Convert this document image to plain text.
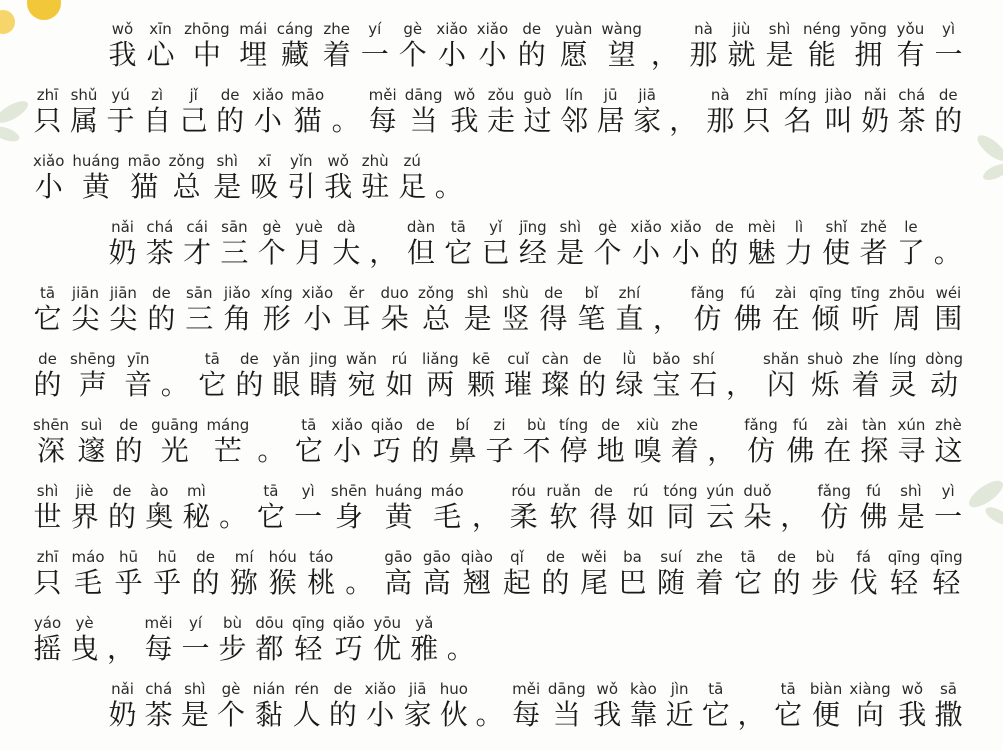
wǒ
我
xīn
心
zhōng
中
mái
埋
cáng
藏
zhe
着
yí
一
gè
个
xiǎo
小
xiǎo
小
de
的
yuàn
愿
wàng
望 ，
nà
那
jiù
就
shì
是
néng
能
yōng
拥
yǒu
有
yì
一
zhī
只
shǔ
属
yú
于
zì
自
jǐ
己
de
的
xiǎo
小
māo
猫 。
měi
每
dāng
当
wǒ
我
zǒu
走
guò
过
lín
邻
jū
居
jiā
家 ，
nà
那
zhī
只
míng
名
jiào
叫
nǎi
奶
chá
茶
de
的
xiǎo
小
huáng
黄
māo
猫
zǒng
总
shì
是
xī
吸
yǐn
引
wǒ
我
zhù
驻
zú
足 。
nǎi
奶
chá
茶
cái
才
sān
三
gè
个
yuè
月
dà
大 ，
dàn
但
tā
它
yǐ
已
jīng
经
shì
是
gè
个
xiǎo
小
xiǎo
小
de
的
mèi
魅
lì
力
shǐ
使
zhě
者
le
了 。
tā
它
jiān
尖
jiān
尖
de
的
sān
三
jiǎo
角
xíng
形
xiǎo
小
ěr
耳
duo
朵
zǒng
总
shì
是
shù
竖
de
得
bǐ
笔
zhí
直 ，
fǎng
仿
fú
佛
zài
在
qīng
倾
tīng
听
zhōu
周
wéi
围
de
的
shēng
声
yīn
音 。
tā
它
de
的
yǎn
眼
jing
睛
wǎn
宛
rú
如
liǎng
两
kē
颗
cuǐ
璀
càn
璨
de
的
lǜ
绿
bǎo
宝
shí
石 ，
shǎn
闪
shuò
烁
zhe
着
líng
灵
dòng
动
shēn
深
suì
邃
de
的
guāng
光
máng
芒 。
tā
它
xiǎo
小
qiǎo
巧
de
的
bí
鼻
zi
子
bù
不
tíng
停
de
地
xiù
嗅
zhe
着 ，
fǎng
仿
fú
佛
zài
在
tàn
探
xún
寻
zhè
这
shì
世
jiè
界
de
的
ào
奥
mì
秘 。
tā
它
yì
一
shēn
身
huáng
黄
máo
毛 ，
róu
柔
ruǎn
软
de
得
rú
如
tóng
同
yún
云
duǒ
朵 ，
fǎng
仿
fú
佛
shì
是
yì
一
zhī
只
máo
毛
hū
乎
hū
乎
de
的
mí
猕
hóu
猴
táo
桃 。
gāo
高
gāo
高
qiào
翘
qǐ
起
de
的
wěi
尾
ba
巴
suí
随
zhe
着
tā
它
de
的
bù
步
fá
伐
qīng
轻
qīng
轻
yáo
摇
yè
曳 ，
měi
每
yí
一
bù
步
dōu
都
qīng
轻
qiǎo
巧
yōu
优
yǎ
雅 。
nǎi
奶
chá
茶
shì
是
gè
个
nián
黏
rén
人
de
的
xiǎo
小
jiā
家
huo
伙 。
měi
每
dāng
当
wǒ
我
kào
靠
jìn
近
tā
它 ，
tā
它
biàn
便
xiàng
向
wǒ
我
sā
撒
